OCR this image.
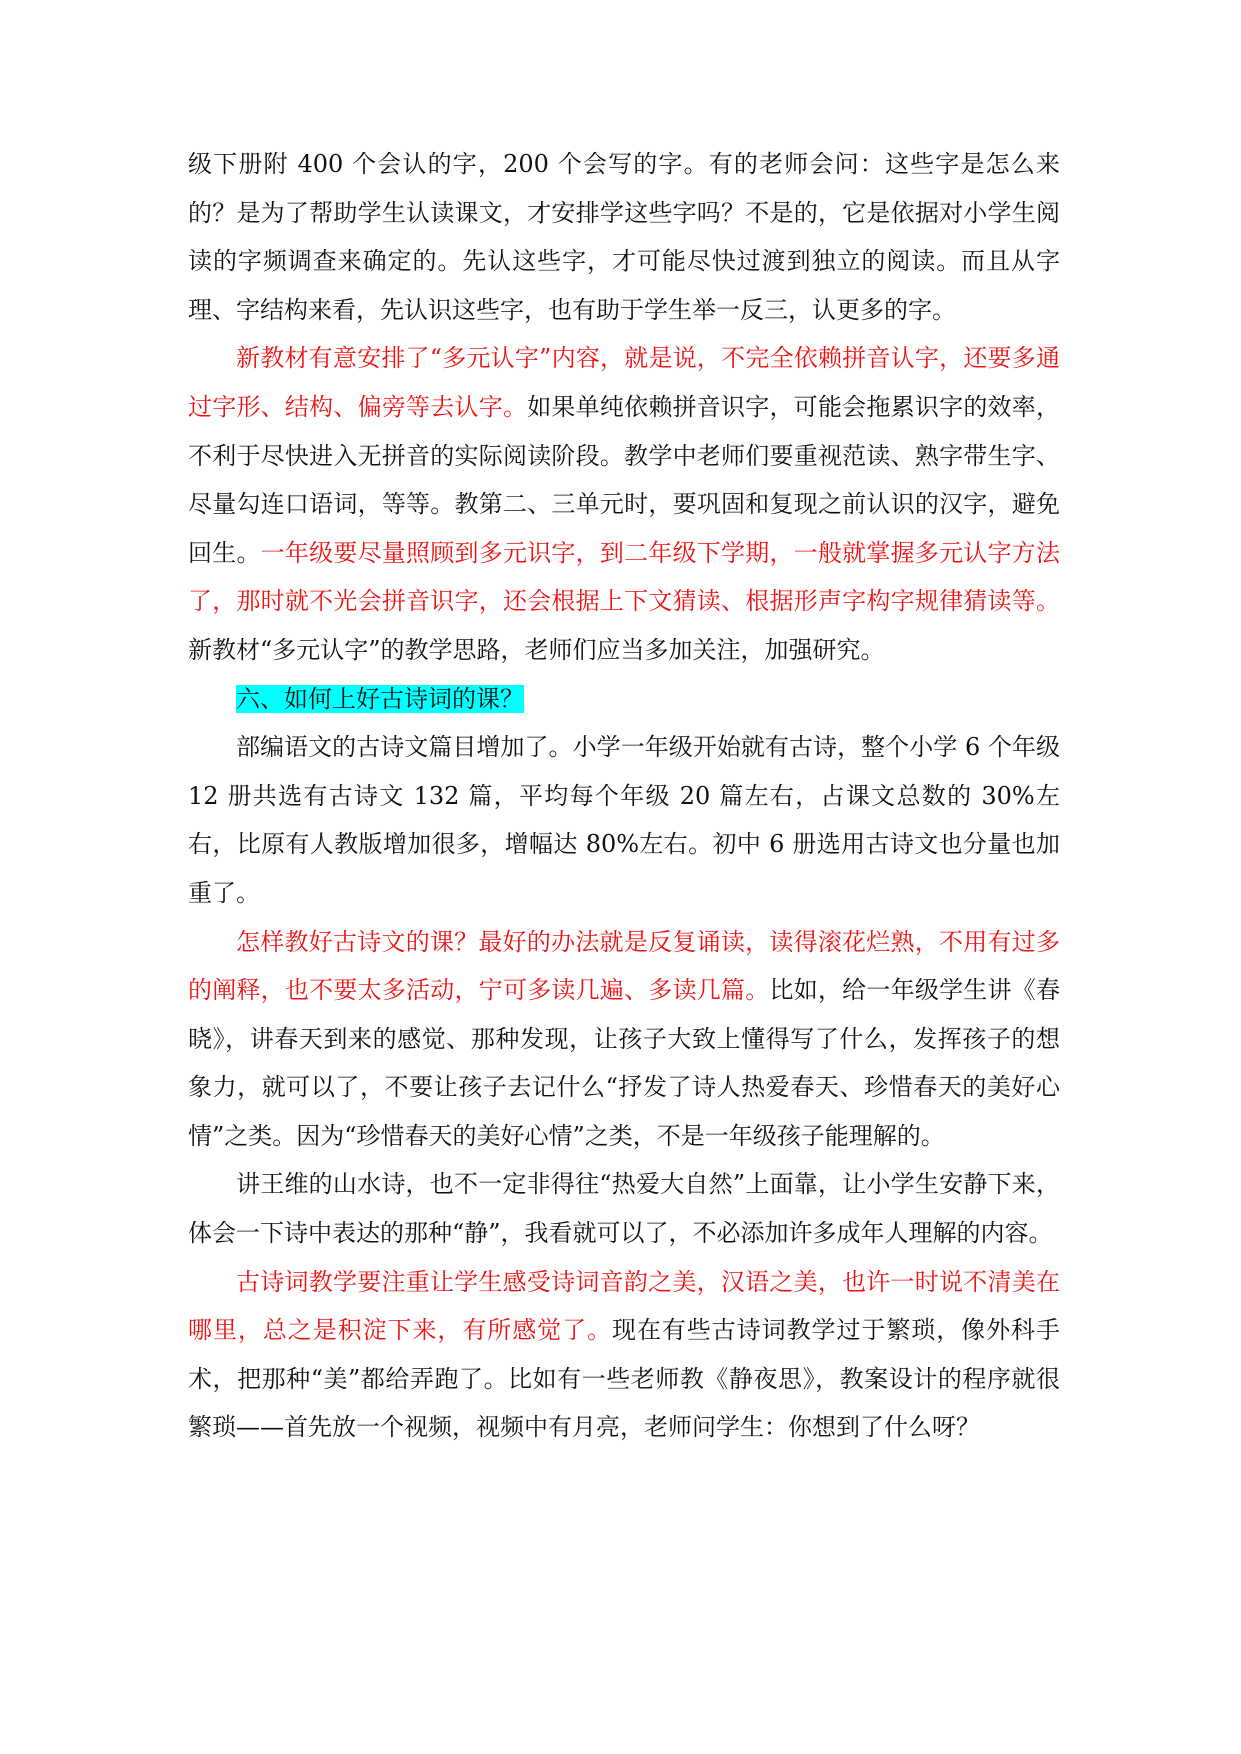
级下册附 400 个会认的字，200 个会写的字。有的老师会问：这些字是怎么来的？是为了帮助学生认读课文，才安排学这些字吗？不是的，它是依据对小学生阅读的字频调查来确定的。先认这些字，才可能尽快过渡到独立的阅读。而且从字理、字结构来看，先认识这些字，也有助于学生举一反三，认更多的字。

新教材有意安排了“多元认字”内容，就是说，不完全依赖拼音认字，还要多通过字形、结构、偏旁等去认字。如果单纯依赖拼音识字，可能会拖累识字的效率，不利于尽快进入无拼音的实际阅读阶段。教学中老师们要重视范读、熟字带生字、尽量勾连口语词，等等。教第二、三单元时，要巩固和复现之前认识的汉字，避免回生。一年级要尽量照顾到多元识字，到二年级下学期，一般就掌握多元认字方法了，那时就不光会拼音识字，还会根据上下文猜读、根据形声字构字规律猜读等。新教材“多元认字”的教学思路，老师们应当多加关注，加强研究。

六、如何上好古诗词的课？

部编语文的古诗文篇目增加了。小学一年级开始就有古诗，整个小学 6 个年级 12 册共选有古诗文 132 篇，平均每个年级 20 篇左右，占课文总数的 30%左右，比原有人教版增加很多，增幅达 80%左右。初中 6 册选用古诗文也分量也加重了。

怎样教好古诗文的课？最好的办法就是反复诵读，读得滚花烂熟，不用有过多的阐释，也不要太多活动，宁可多读几遍、多读几篇。比如，给一年级学生讲《春晓》，讲春天到来的感觉、那种发现，让孩子大致上懂得写了什么，发挥孩子的想象力，就可以了，不要让孩子去记什么“抒发了诗人热爱春天、珍惜春天的美好心情”之类。因为“珍惜春天的美好心情”之类，不是一年级孩子能理解的。

讲王维的山水诗，也不一定非得往“热爱大自然”上面靠，让小学生安静下来，体会一下诗中表达的那种“静”，我看就可以了，不必添加许多成年人理解的内容。

古诗词教学要注重让学生感受诗词音韵之美，汉语之美，也许一时说不清美在哪里，总之是积淀下来，有所感觉了。现在有些古诗词教学过于繁琐，像外科手术，把那种“美”都给弄跑了。比如有一些老师教《静夜思》，教案设计的程序就很繁琐——首先放一个视频，视频中有月亮，老师问学生：你想到了什么呀？
